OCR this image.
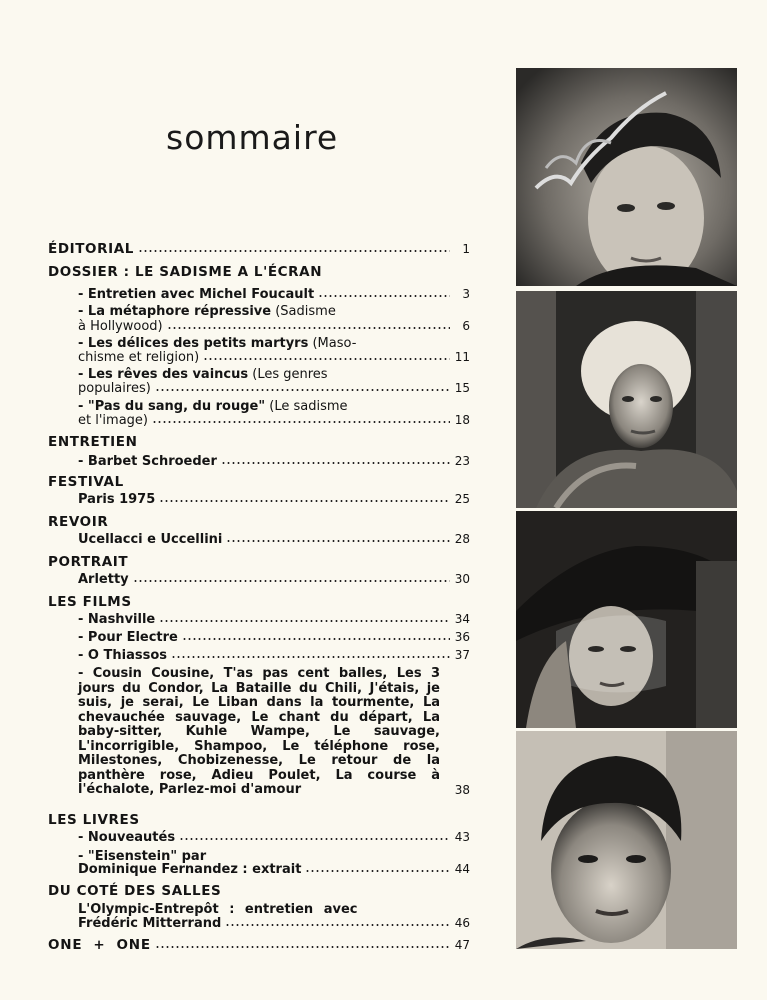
sommaire
ÉDITORIAL	1
DOSSIER : LE SADISME A L'ÉCRAN
- Entretien avec Michel Foucault	3
- La métaphore répressive (Sadisme
à Hollywood)	6
- Les délices des petits martyrs (Maso-
chisme et religion)	11
- Les rêves des vaincus (Les genres
populaires)	15
- "Pas du sang, du rouge" (Le sadisme
et l'image)	18
ENTRETIEN
- Barbet Schroeder	23
FESTIVAL
Paris 1975	25
REVOIR
Ucellacci e Uccellini	28
PORTRAIT
Arletty	30
LES FILMS
- Nashville	34
- Pour Electre	36
- O Thiassos	37
- Cousin Cousine, T'as pas cent balles, Les 3 jours du Condor, La Bataille du Chili, J'étais, je suis, je serai, Le Liban dans la tourmente, La chevauchée sauvage, Le chant du départ, La baby-sitter, Kuhle Wampe, Le sauvage, L'incorrigible, Shampoo, Le téléphone rose, Milestones, Chobizenesse, Le retour de la panthère rose, Adieu Poulet, La course à l'échalote, Parlez-moi d'amour	38
LES LIVRES
- Nouveautés	43
- "Eisenstein" par
Dominique Fernandez : extrait	44
DU COTÉ DES SALLES
L'Olympic-Entrepôt : entretien avec
Frédéric Mitterrand	46
ONE  +  ONE	47
